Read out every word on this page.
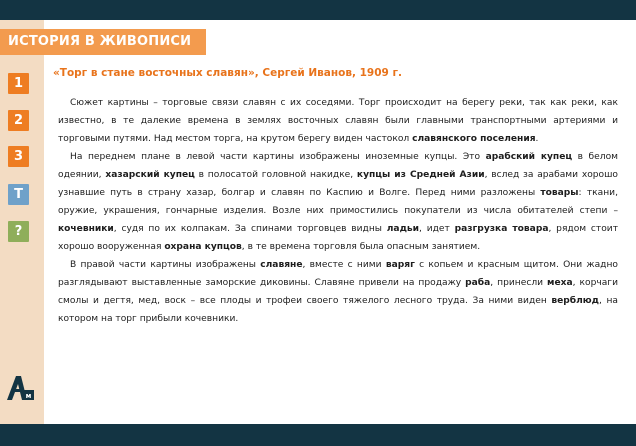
ИСТОРИЯ В ЖИВОПИСИ
1
2
3
Т
?
м
«Торг в стане восточных славян», Сергей Иванов, 1909 г.

Сюжет картины – торговые связи славян с их соседями. Торг происходит на берегу реки, так как реки, как известно, в те далекие времена в землях восточных славян были главными транспортными артериями и торговыми путями. Над местом торга, на крутом берегу виден частокол славянского поселения.

На переднем плане в левой части картины изображены иноземные купцы. Это арабский купец в белом одеянии, хазарский купец в полосатой головной накидке, купцы из Средней Азии, вслед за арабами хорошо узнавшие путь в страну хазар, болгар и славян по Каспию и Волге. Перед ними разложены товары: ткани, оружие, украшения, гончарные изделия. Возле них примостились покупатели из числа обитателей степи – кочевники, судя по их колпакам. За спинами торговцев видны ладьи, идет разгрузка товара, рядом стоит хорошо вооруженная охрана купцов, в те времена торговля была опасным занятием.

В правой части картины изображены славяне, вместе с ними варяг с копьем и красным щитом. Они жадно разглядывают выставленные заморские диковины. Славяне привели на продажу раба, принесли меха, корчаги смолы и дегтя, мед, воск – все плоды и трофеи своего тяжелого лесного труда. За ними виден верблюд, на котором на торг прибыли кочевники.
